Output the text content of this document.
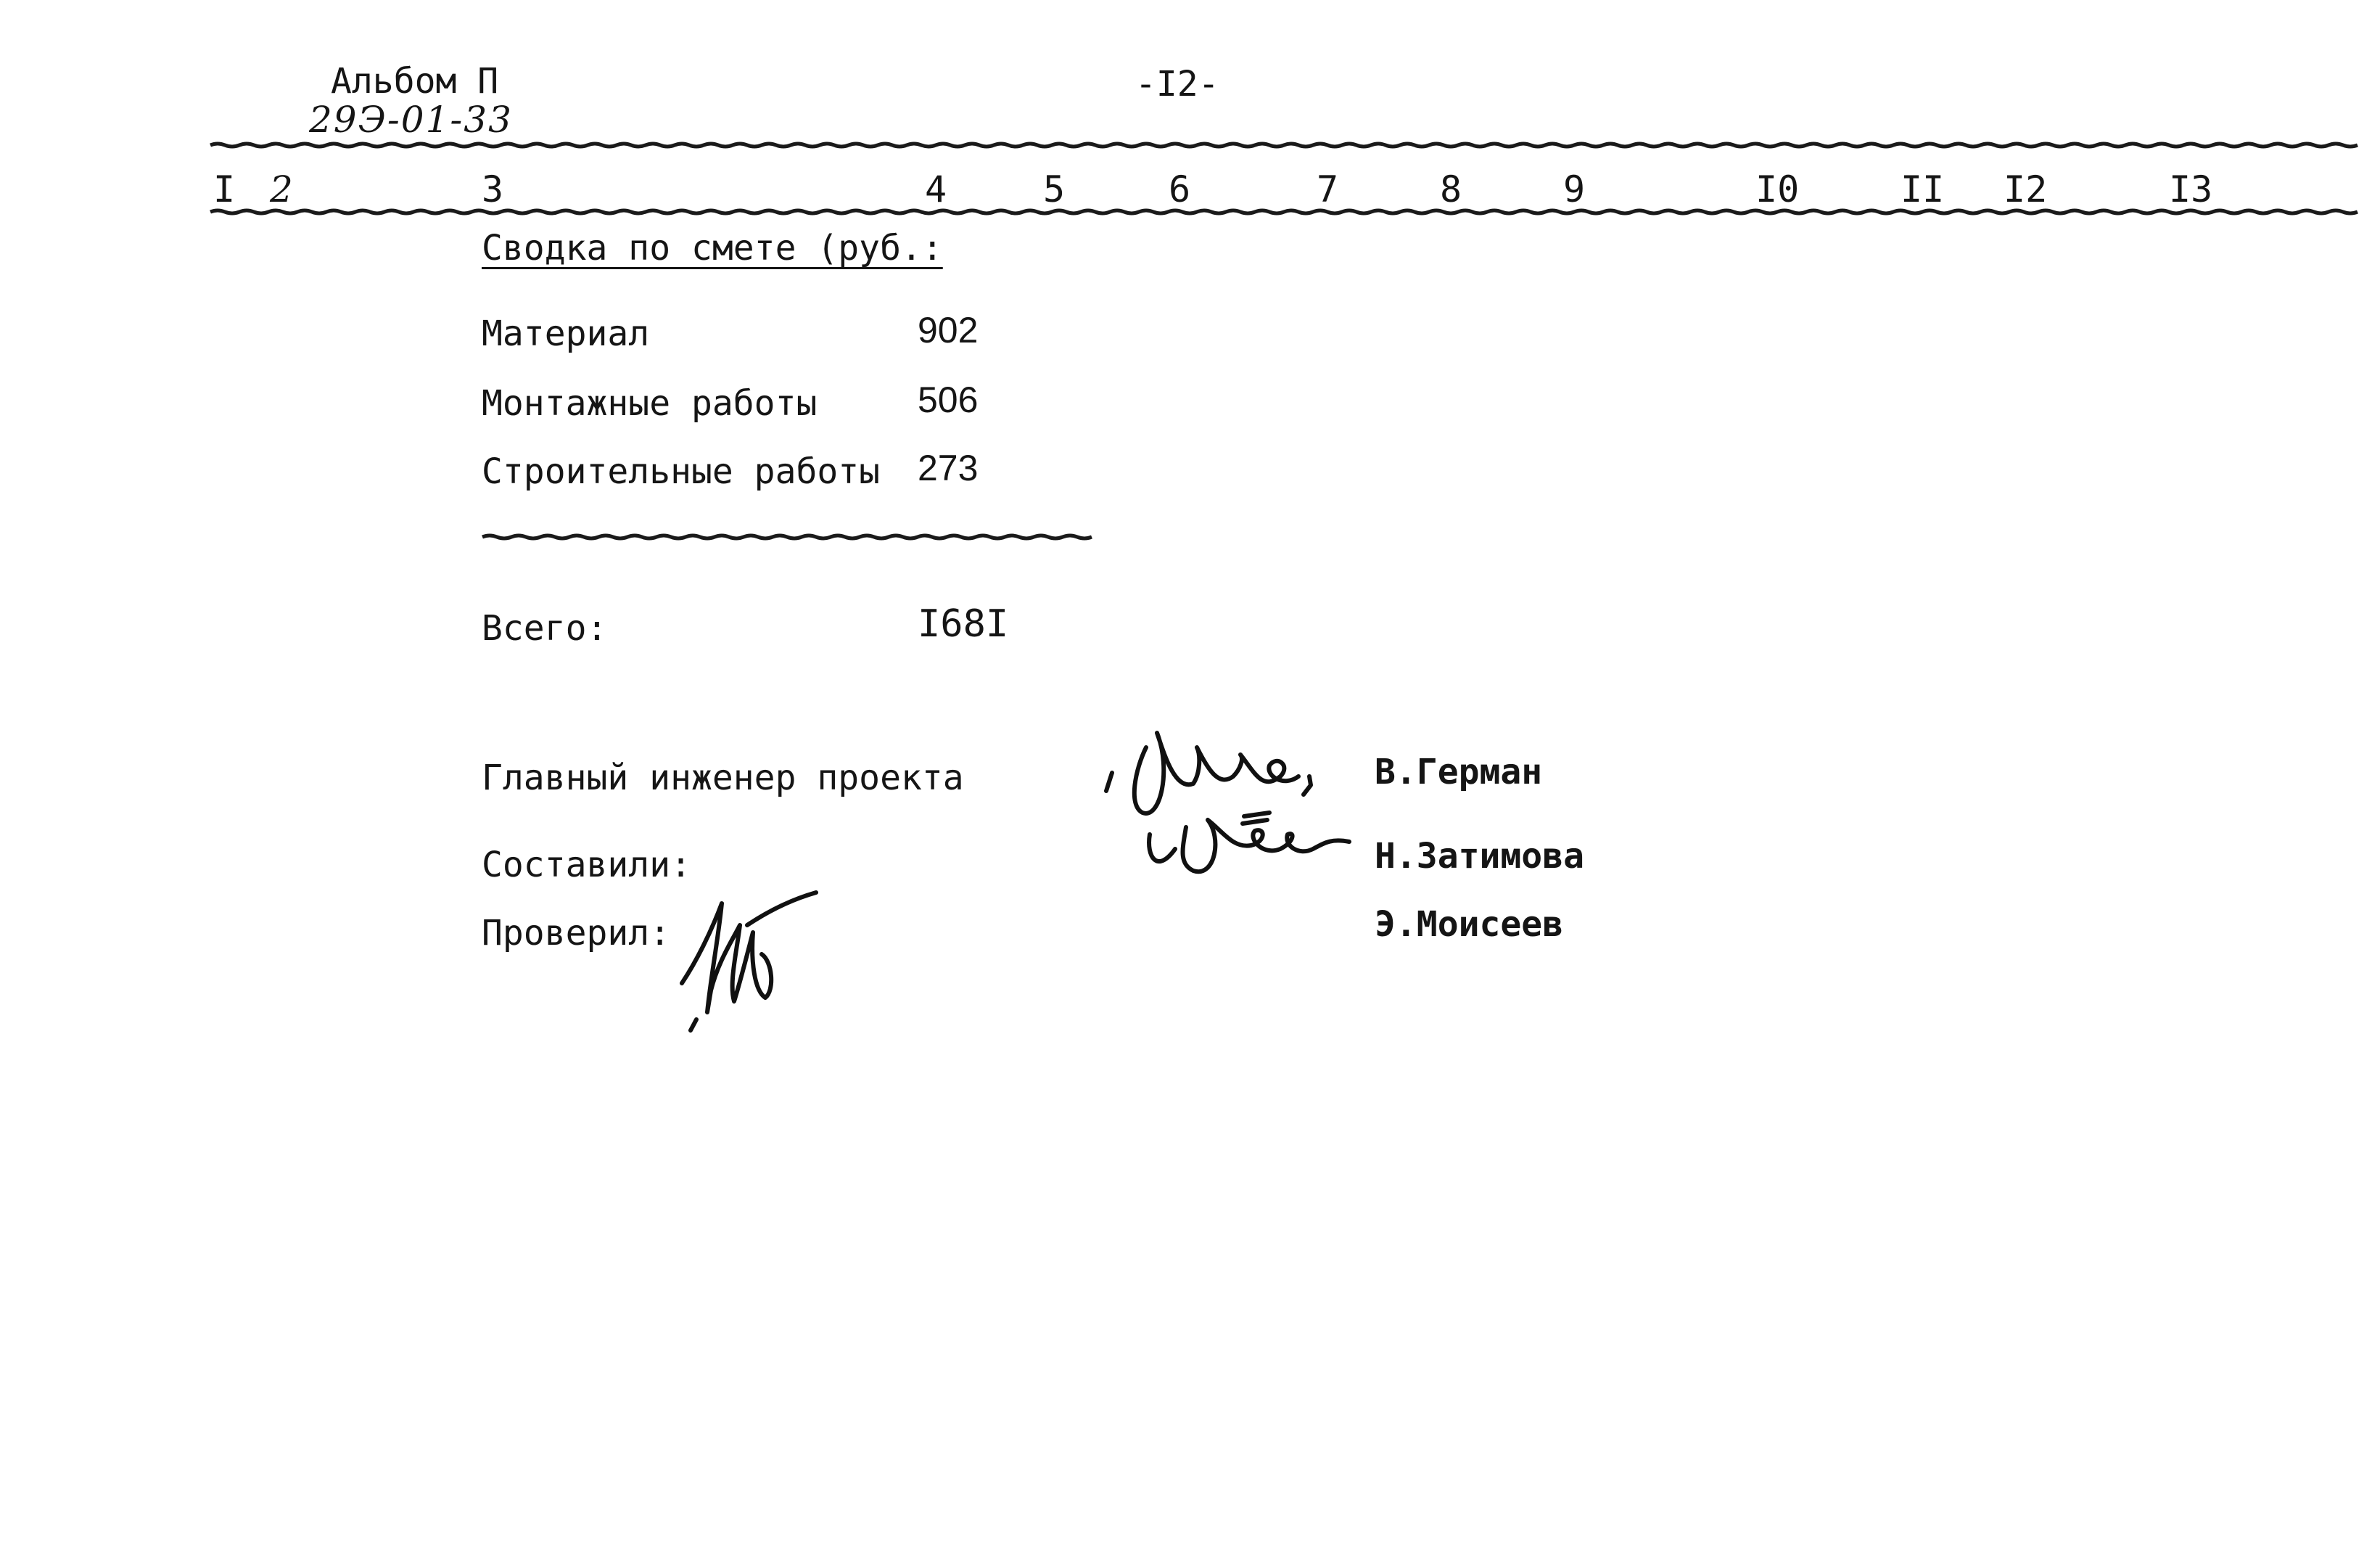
Альбом П
29Э-01-33
-I2-
I 2	3	4	5	6	7	8	9	I0	II I2	I3
Сводка по смете (руб.:
Материал	902
Монтажные работы	506
Строительные работы 273
Всего:	I68I
Главный инженер проекта	В.Герман
Составили:	Н.Затимова
Проверил:	Э.Моисеев
